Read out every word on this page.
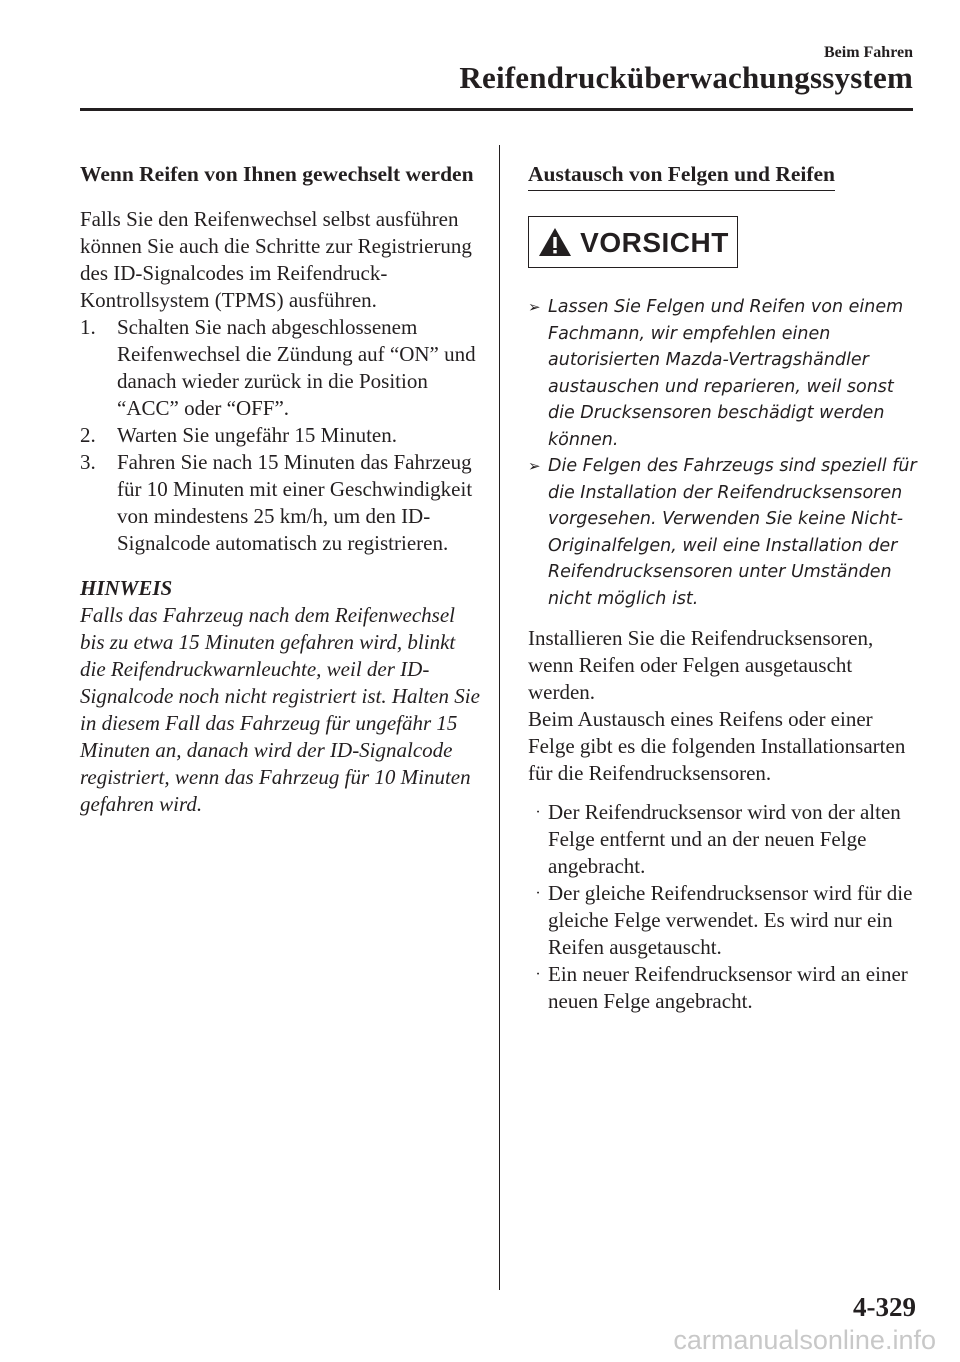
Beim Fahren
Reifendrucküberwachungssystem

Wenn Reifen von Ihnen gewechselt werden

Falls Sie den Reifenwechsel selbst ausführen können Sie auch die Schritte zur Registrierung des ID-Signalcodes im Reifendruck-Kontrollsystem (TPMS) ausführen.

1.	Schalten Sie nach abgeschlossenem Reifenwechsel die Zündung auf “ON” und danach wieder zurück in die Position “ACC” oder “OFF”.
2.	Warten Sie ungefähr 15 Minuten.
3.	Fahren Sie nach 15 Minuten das Fahrzeug für 10 Minuten mit einer Geschwindigkeit von mindestens 25 km/h, um den ID-Signalcode automatisch zu registrieren.

HINWEIS

Falls das Fahrzeug nach dem Reifenwechsel bis zu etwa 15 Minuten gefahren wird, blinkt die Reifendruckwarnleuchte, weil der ID-Signalcode noch nicht registriert ist. Halten Sie in diesem Fall das Fahrzeug für ungefähr 15 Minuten an, danach wird der ID-Signalcode registriert, wenn das Fahrzeug für 10 Minuten gefahren wird.

Austausch von Felgen und Reifen

VORSICHT
➢ Lassen Sie Felgen und Reifen von einem Fachmann, wir empfehlen einen autorisierten Mazda-Vertragshändler austauschen und reparieren, weil sonst die Drucksensoren beschädigt werden können.
➢ Die Felgen des Fahrzeugs sind speziell für die Installation der Reifendrucksensoren vorgesehen. Verwenden Sie keine Nicht-Originalfelgen, weil eine Installation der Reifendrucksensoren unter Umständen nicht möglich ist.

Installieren Sie die Reifendrucksensoren, wenn Reifen oder Felgen ausgetauscht werden.

Beim Austausch eines Reifens oder einer Felge gibt es die folgenden Installationsarten für die Reifendrucksensoren.

· Der Reifendrucksensor wird von der alten Felge entfernt und an der neuen Felge angebracht.
· Der gleiche Reifendrucksensor wird für die gleiche Felge verwendet. Es wird nur ein Reifen ausgetauscht.
· Ein neuer Reifendrucksensor wird an einer neuen Felge angebracht.
4-329
carmanualsonline.info
